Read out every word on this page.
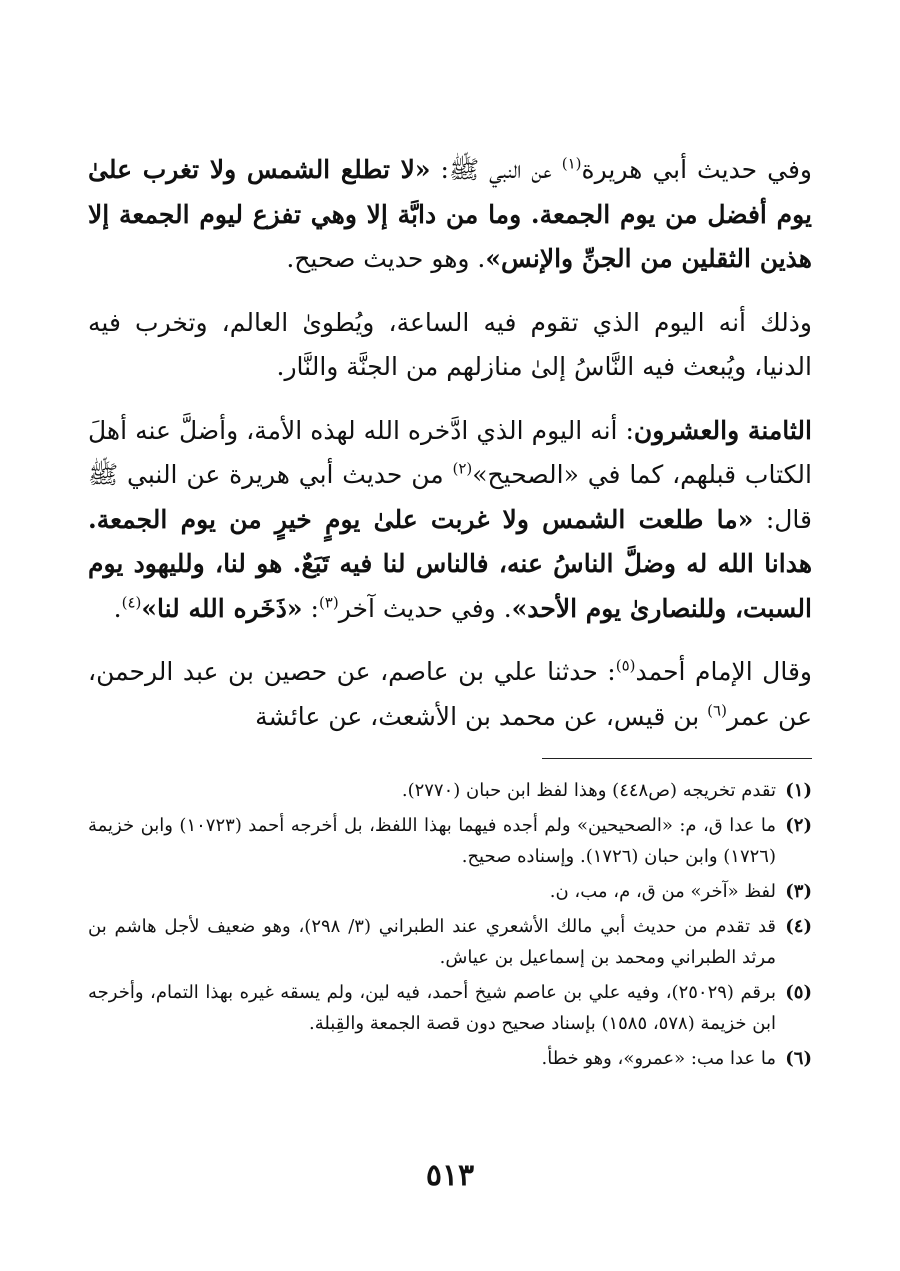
وفي حديث أبي هريرة$^{(١)}$ عن النبي ﷺ: «لا تطلع الشمس ولا تغرب علىٰ يوم أفضل من يوم الجمعة. وما من دابَّة إلا وهي تفزع ليوم الجمعة إلا هذين الثقلين من الجنِّ والإنس». وهو حديث صحيح.

وذلك أنه اليوم الذي تقوم فيه الساعة، ويُطوىٰ العالم، وتخرب فيه الدنيا، ويُبعث فيه النَّاسُ إلىٰ منازلهم من الجنَّة والنَّار.

الثامنة والعشرون: أنه اليوم الذي ادَّخره الله لهذه الأمة، وأضلَّ عنه أهلَ الكتاب قبلهم، كما في «الصحيح»$^{(٢)}$ من حديث أبي هريرة عن النبي ﷺ قال: «ما طلعت الشمس ولا غربت علىٰ يومٍ خيرٍ من يوم الجمعة. هدانا الله له وضلَّ الناسُ عنه، فالناس لنا فيه تَبَعٌ. هو لنا، ولليهود يوم السبت، وللنصارىٰ يوم الأحد». وفي حديث آخر$^{(٣)}$: «ذَخَره الله لنا»$^{(٤)}$.

وقال الإمام أحمد$^{(٥)}$: حدثنا علي بن عاصم، عن حصين بن عبد الرحمن، عن عمر$^{(٦)}$ بن قيس، عن محمد بن الأشعث، عن عائشة

(١)
تقدم تخريجه (ص٤٤٨) وهذا لفظ ابن حبان (٢٧٧٠).
(٢)
ما عدا ق، م: «الصحيحين» ولم أجده فيهما بهذا اللفظ، بل أخرجه أحمد (١٠٧٢٣) وابن خزيمة (١٧٢٦) وابن حبان (١٧٢٦). وإسناده صحيح.
(٣)
لفظ «آخر» من ق، م، مب، ن.
(٤)
قد تقدم من حديث أبي مالك الأشعري عند الطبراني (٣/ ٢٩٨)، وهو ضعيف لأجل هاشم بن مرثد الطبراني ومحمد بن إسماعيل بن عياش.
(٥)
برقم (٢٥٠٢٩)، وفيه علي بن عاصم شيخ أحمد، فيه لين، ولم يسقه غيره بهذا التمام، وأخرجه ابن خزيمة (٥٧٨، ١٥٨٥) بإسناد صحيح دون قصة الجمعة والقِبلة.
(٦)
ما عدا مب: «عمرو»، وهو خطأ.
٥١٣
